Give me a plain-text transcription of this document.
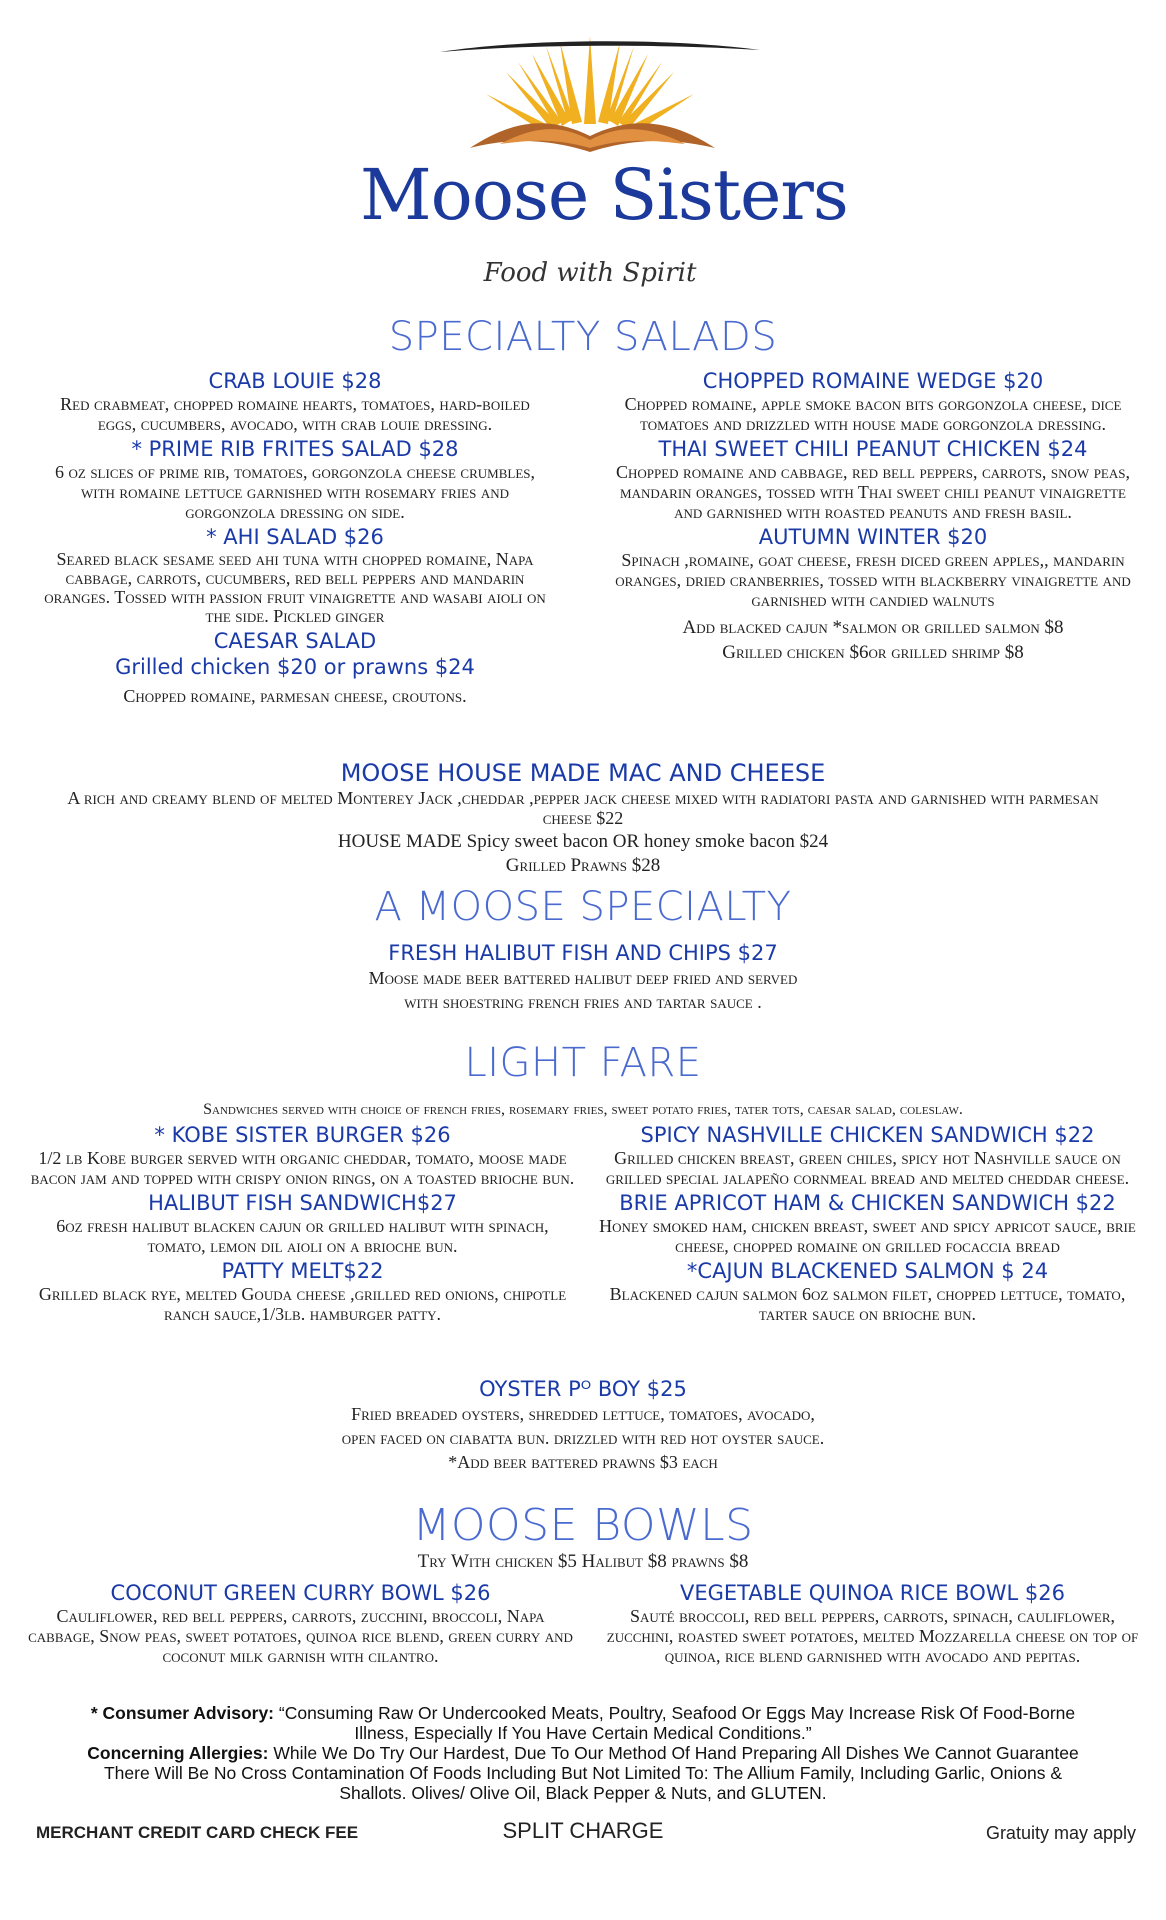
Moose Sisters
Food with Spirit
SPECIALTY SALADS

CRAB LOUIE $28

Red crabmeat, chopped romaine hearts, tomatoes, hard-boiled eggs, cucumbers, avocado, with crab louie dressing.

* PRIME RIB FRITES SALAD $28

6 oz slices of prime rib, tomatoes, gorgonzola cheese crumbles, with romaine lettuce garnished with rosemary fries and gorgonzola dressing on side.

* AHI SALAD $26

Seared black sesame seed ahi tuna with chopped romaine, Napa cabbage, carrots, cucumbers, red bell peppers and mandarin oranges. Tossed with passion fruit vinaigrette and wasabi aioli on the side. Pickled ginger

CAESAR SALAD

Grilled chicken $20 or prawns $24

Chopped romaine, parmesan cheese, croutons.

CHOPPED ROMAINE WEDGE $20

Chopped romaine, apple smoke bacon bits gorgonzola cheese, dice tomatoes and drizzled with house made gorgonzola dressing.

THAI SWEET CHILI PEANUT CHICKEN $24

Chopped romaine and cabbage, red bell peppers, carrots, snow peas, mandarin oranges, tossed with Thai sweet chili peanut vinaigrette and garnished with roasted peanuts and fresh basil.

AUTUMN WINTER $20

Spinach ,romaine, goat cheese, fresh diced green apples,, mandarin oranges, dried cranberries, tossed with blackberry vinaigrette and garnished with candied walnuts

Add blacked cajun *salmon or grilled salmon $8

Grilled chicken $6or grilled shrimp $8

MOOSE HOUSE MADE MAC AND CHEESE

A rich and creamy blend of melted Monterey Jack ,cheddar ,pepper jack cheese mixed with radiatori pasta and garnished with parmesan cheese $22

HOUSE MADE Spicy sweet bacon OR honey smoke bacon $24

Grilled Prawns $28

A MOOSE SPECIALTY

FRESH HALIBUT FISH AND CHIPS $27

Moose made beer battered halibut deep fried and served

with shoestring french fries and tartar sauce .

LIGHT FARE

Sandwiches served with choice of french fries, rosemary fries, sweet potato fries, tater tots, caesar salad, coleslaw.

* KOBE SISTER BURGER $26

1/2 lb Kobe burger served with organic cheddar, tomato, moose made bacon jam and topped with crispy onion rings, on a toasted brioche bun.

HALIBUT FISH SANDWICH$27

6oz fresh halibut blacken cajun or grilled halibut with spinach, tomato, lemon dil aioli on a brioche bun.

PATTY MELT$22

Grilled black rye, melted Gouda cheese ,grilled red onions, chipotle ranch sauce,1/3lb. hamburger patty.

SPICY NASHVILLE CHICKEN SANDWICH $22

Grilled chicken breast, green chiles, spicy hot Nashville sauce on grilled special jalapeño cornmeal bread and melted cheddar cheese.

BRIE APRICOT HAM & CHICKEN SANDWICH $22

Honey smoked ham, chicken breast, sweet and spicy apricot sauce, brie cheese, chopped romaine on grilled focaccia bread

*CAJUN BLACKENED SALMON $ 24

Blackened cajun salmon 6oz salmon filet, chopped lettuce, tomato, tarter sauce on brioche bun.

OYSTER Pᴼ BOY $25

Fried breaded oysters, shredded lettuce, tomatoes, avocado,

open faced on ciabatta bun. drizzled with red hot oyster sauce.

*Add beer battered prawns $3 each

MOOSE BOWLS

Try With chicken $5 Halibut $8 prawns $8

COCONUT GREEN CURRY BOWL $26

Cauliflower, red bell peppers, carrots, zucchini, broccoli, Napa cabbage, Snow peas, sweet potatoes, quinoa rice blend, green curry and coconut milk garnish with cilantro.

VEGETABLE QUINOA RICE BOWL $26

Sauté broccoli, red bell peppers, carrots, spinach, cauliflower, zucchini, roasted sweet potatoes, melted Mozzarella cheese on top of quinoa, rice blend garnished with avocado and pepitas.

* Consumer Advisory: “Consuming Raw Or Undercooked Meats, Poultry, Seafood Or Eggs May Increase Risk Of Food-Borne Illness, Especially If You Have Certain Medical Conditions.”
Concerning Allergies: While We Do Try Our Hardest, Due To Our Method Of Hand Preparing All Dishes We Cannot Guarantee There Will Be No Cross Contamination Of Foods Including But Not Limited To: The Allium Family, Including Garlic, Onions & Shallots. Olives/ Olive Oil, Black Pepper & Nuts, and GLUTEN.
MERCHANT CREDIT CARD CHECK FEE	SPLIT CHARGE	Gratuity may apply
